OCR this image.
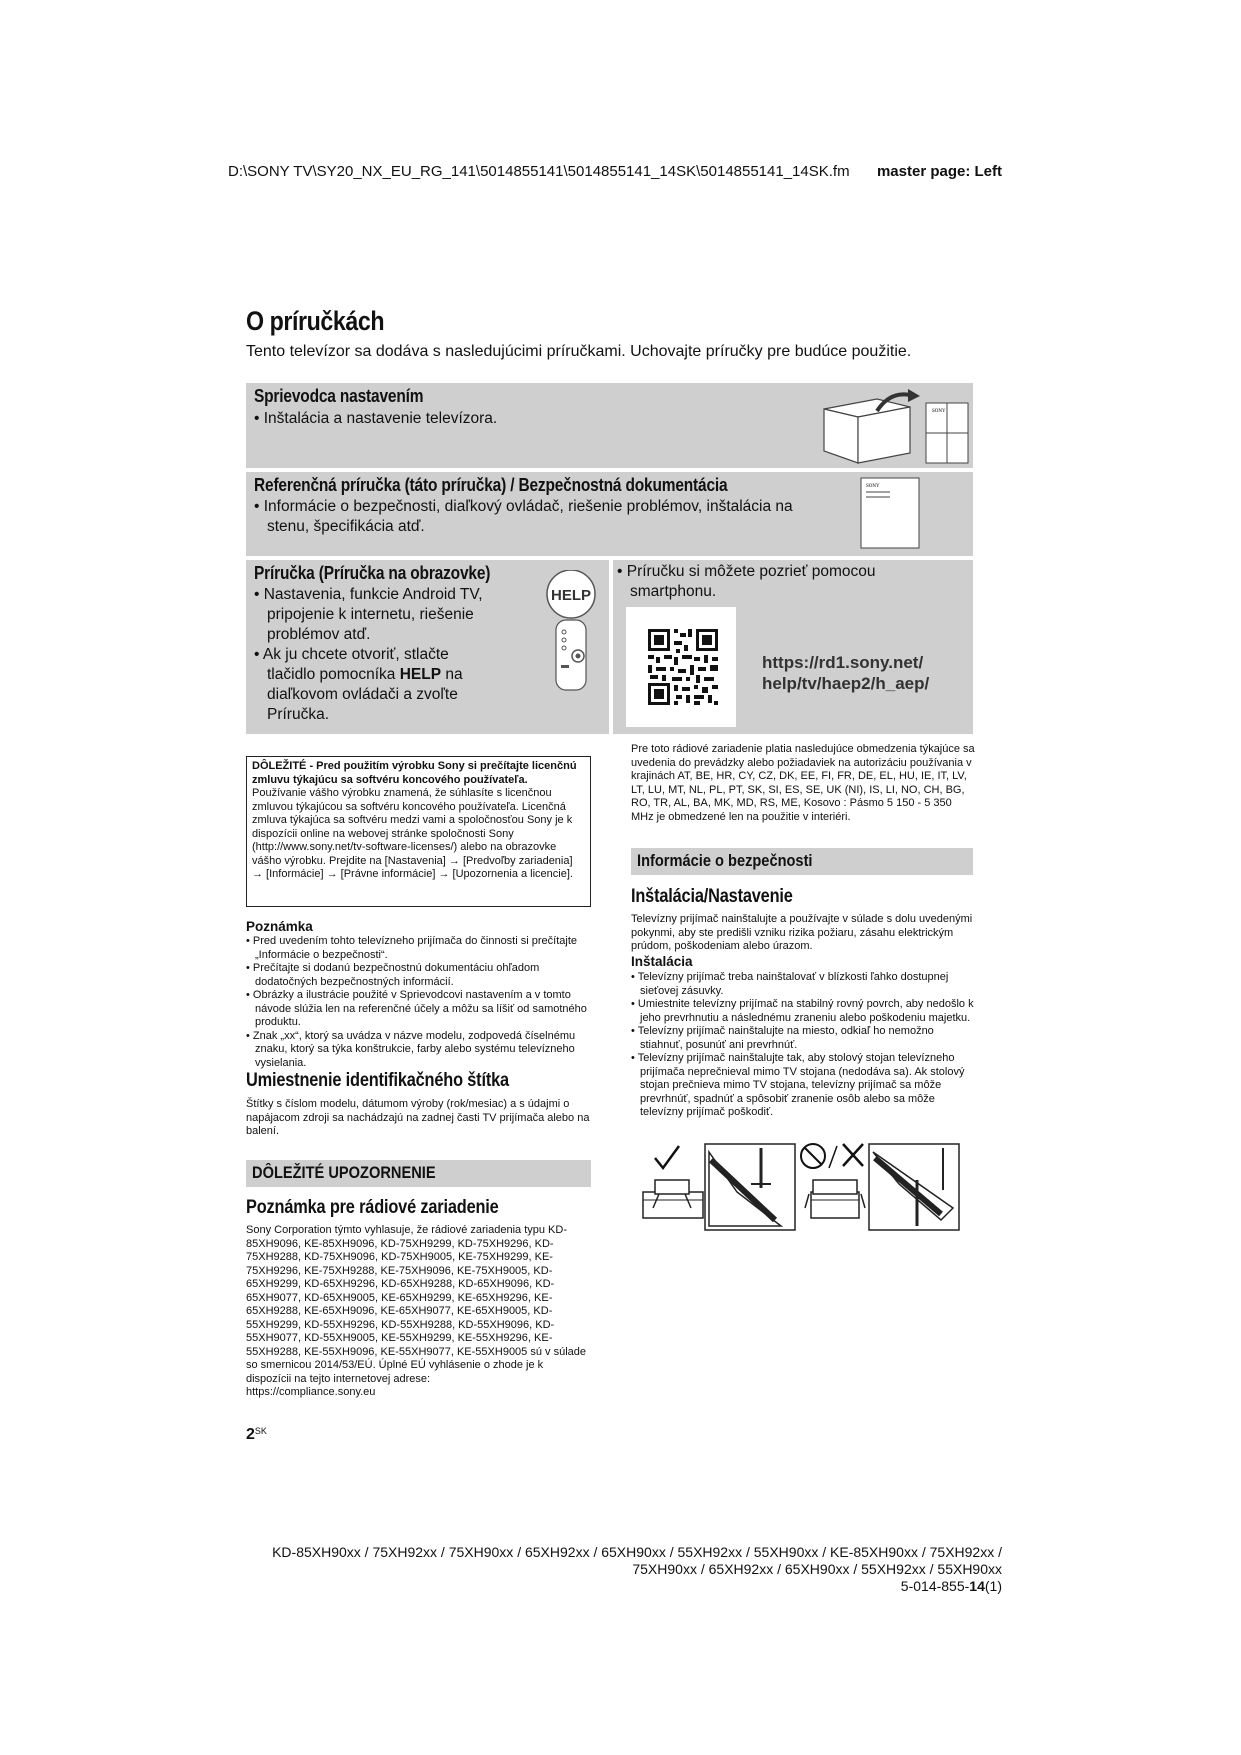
D:\SONY TV\SY20_NX_EU_RG_141\5014855141\5014855141_14SK\5014855141_14SK.fm master page: Left
O príručkách
Tento televízor sa dodáva s nasledujúcimi príručkami. Uchovajte príručky pre budúce použitie.
Sprievodca nastavením
• Inštalácia a nastavenie televízora.	SONY
Referenčná príručka (táto príručka) / Bezpečnostná dokumentácia
• Informácie o bezpečnosti, diaľkový ovládač, riešenie problémov, inštalácia na stenu, špecifikácia atď.
SONY
Príručka (Príručka na obrazovke)
• Nastavenia, funkcie Android TV, pripojenie k internetu, riešenie problémov atď.
• Ak ju chcete otvoriť, stlačte tlačidlo pomocníka HELP na diaľkovom ovládači a zvoľte Príručka.
HELP
• Príručku si môžete pozrieť pomocou smartphonu.
https://rd1.sony.net/
help/tv/haep2/h_aep/
DÔLEŽITÉ - Pred použitím výrobku Sony si prečítajte licenčnú zmluvu týkajúcu sa softvéru koncového používateľa. Používanie vášho výrobku znamená, že súhlasíte s licenčnou zmluvou týkajúcou sa softvéru koncového používateľa. Licenčná zmluva týkajúca sa softvéru medzi vami a spoločnosťou Sony je k dispozícii online na webovej stránke spoločnosti Sony (http://www.sony.net/tv-software-licenses/) alebo na obrazovke vášho výrobku. Prejdite na [Nastavenia] → [Predvoľby zariadenia] → [Informácie] → [Právne informácie] → [Upozornenia a licencie].
Poznámka
• Pred uvedením tohto televízneho prijímača do činnosti si prečítajte „Informácie o bezpečnosti“.
• Prečítajte si dodanú bezpečnostnú dokumentáciu ohľadom dodatočných bezpečnostných informácií.
• Obrázky a ilustrácie použité v Sprievodcovi nastavením a v tomto návode slúžia len na referenčné účely a môžu sa líšiť od samotného produktu.
• Znak „xx“, ktorý sa uvádza v názve modelu, zodpovedá číselnému znaku, ktorý sa týka konštrukcie, farby alebo systému televízneho vysielania.
Umiestnenie identifikačného štítka
Štítky s číslom modelu, dátumom výroby (rok/mesiac) a s údajmi o napájacom zdroji sa nachádzajú na zadnej časti TV prijímača alebo na balení.
DÔLEŽITÉ UPOZORNENIE
Poznámka pre rádiové zariadenie
Sony Corporation týmto vyhlasuje, že rádiové zariadenia typu KD-85XH9096, KE-85XH9096, KD-75XH9299, KD-75XH9296, KD-75XH9288, KD-75XH9096, KD-75XH9005, KE-75XH9299, KE-75XH9296, KE-75XH9288, KE-75XH9096, KE-75XH9005, KD-65XH9299, KD-65XH9296, KD-65XH9288, KD-65XH9096, KD-65XH9077, KD-65XH9005, KE-65XH9299, KE-65XH9296, KE-65XH9288, KE-65XH9096, KE-65XH9077, KE-65XH9005, KD-55XH9299, KD-55XH9296, KD-55XH9288, KD-55XH9096, KD-55XH9077, KD-55XH9005, KE-55XH9299, KE-55XH9296, KE-55XH9288, KE-55XH9096, KE-55XH9077, KE-55XH9005 sú v súlade so smernicou 2014/53/EÚ. Úplné EÚ vyhlásenie o zhode je k dispozícii na tejto internetovej adrese:
https://compliance.sony.eu
$2^{SK}$
Pre toto rádiové zariadenie platia nasledujúce obmedzenia týkajúce sa uvedenia do prevádzky alebo požiadaviek na autorizáciu používania v krajinách AT, BE, HR, CY, CZ, DK, EE, FI, FR, DE, EL, HU, IE, IT, LV, LT, LU, MT, NL, PL, PT, SK, SI, ES, SE, UK (NI), IS, LI, NO, CH, BG, RO, TR, AL, BA, MK, MD, RS, ME, Kosovo : Pásmo 5 150 - 5 350 MHz je obmedzené len na použitie v interiéri.
Informácie o bezpečnosti
Inštalácia/Nastavenie
Televízny prijímač nainštalujte a používajte v súlade s dolu uvedenými pokynmi, aby ste predišli vzniku rizika požiaru, zásahu elektrickým prúdom, poškodeniam alebo úrazom.
Inštalácia
• Televízny prijímač treba nainštalovať v blízkosti ľahko dostupnej sieťovej zásuvky.
• Umiestnite televízny prijímač na stabilný rovný povrch, aby nedošlo k jeho prevrhnutiu a následnému zraneniu alebo poškodeniu majetku.
• Televízny prijímač nainštalujte na miesto, odkiaľ ho nemožno stiahnuť, posunúť ani prevrhnúť.
• Televízny prijímač nainštalujte tak, aby stolový stojan televízneho prijímača neprečnieval mimo TV stojana (nedodáva sa). Ak stolový stojan prečnieva mimo TV stojana, televízny prijímač sa môže prevrhnúť, spadnúť a spôsobiť zranenie osôb alebo sa môže televízny prijímač poškodiť.
KD-85XH90xx / 75XH92xx / 75XH90xx / 65XH92xx / 65XH90xx / 55XH92xx / 55XH90xx / KE-85XH90xx / 75XH92xx /
75XH90xx / 65XH92xx / 65XH90xx / 55XH92xx / 55XH90xx
5-014-855-14(1)
